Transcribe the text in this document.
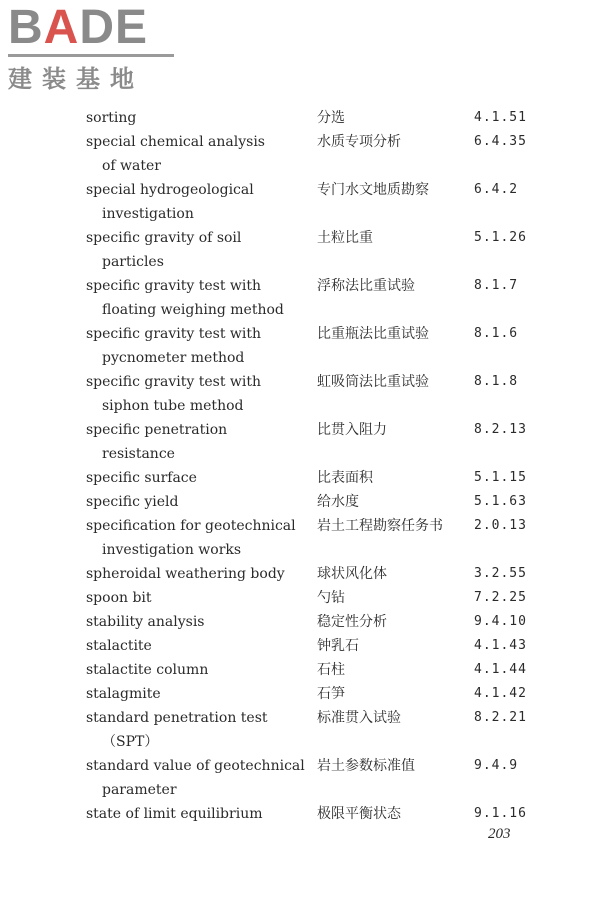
BADE
建装基地
sorting	分选	4.1.51
special chemical analysis
of water
水质专项分析	6.4.35
special hydrogeological
investigation
专门水文地质勘察	6.4.2
specific gravity of soil
particles
土粒比重	5.1.26
specific gravity test with
floating weighing method
浮称法比重试验	8.1.7
specific gravity test with
pycnometer method
比重瓶法比重试验	8.1.6
specific gravity test with
siphon tube method
虹吸筒法比重试验	8.1.8
specific penetration
resistance
比贯入阻力	8.2.13
specific surface	比表面积	5.1.15
specific yield	给水度	5.1.63
specification for geotechnical
investigation works
岩土工程勘察任务书 2.0.13
spheroidal weathering body	球状风化体	3.2.55
spoon bit	勺钻	7.2.25
stability analysis	稳定性分析	9.4.10
stalactite	钟乳石	4.1.43
stalactite column	石柱	4.1.44
stalagmite	石笋	4.1.42
standard penetration test
（SPT）
标准贯入试验	8.2.21
standard value of geotechnical
parameter
岩土参数标准值	9.4.9
state of limit equilibrium	极限平衡状态	9.1.16
203
